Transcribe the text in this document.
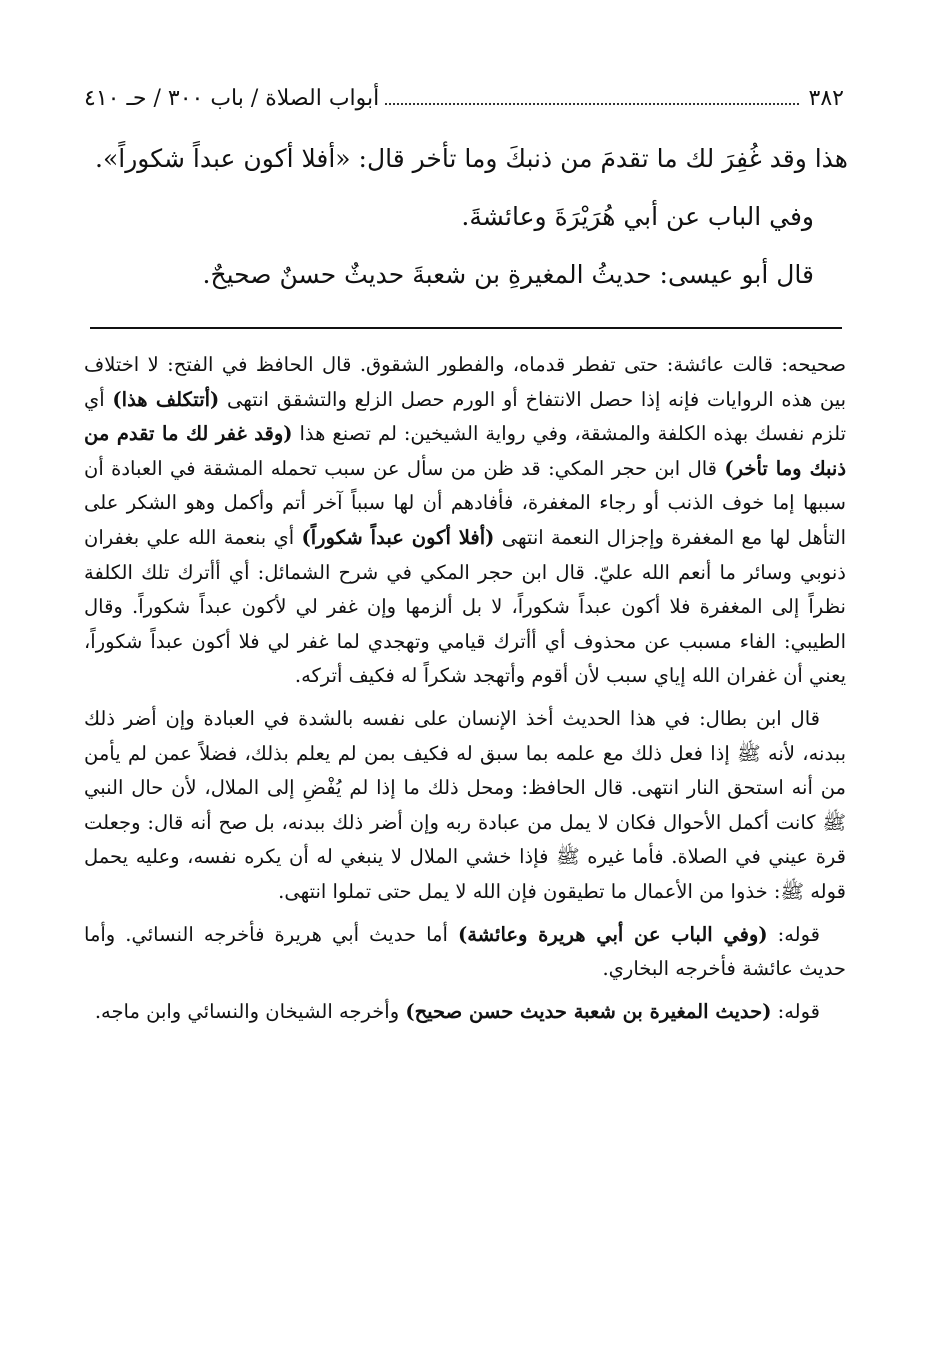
٣٨٢
أبواب الصلاة / باب ٣٠٠ / حـ ٤١٠

هذا وقد غُفِرَ لك ما تقدمَ من ذنبكَ وما تأخر قال: «أفلا أكون عبداً شكوراً».

وفي الباب عن أبي هُرَيْرَةَ وعائشةَ.

قال أبو عيسى: حديثُ المغيرةِ بن شعبةَ حديثٌ حسنٌ صحيحٌ.

صحيحه: قالت عائشة: حتى تفطر قدماه، والفطور الشقوق. قال الحافظ في الفتح: لا اختلاف بين هذه الروايات فإنه إذا حصل الانتفاخ أو الورم حصل الزلع والتشقق انتهى (أتتكلف هذا) أي تلزم نفسك بهذه الكلفة والمشقة، وفي رواية الشيخين: لم تصنع هذا (وقد غفر لك ما تقدم من ذنبك وما تأخر) قال ابن حجر المكي: قد ظن من سأل عن سبب تحمله المشقة في العبادة أن سببها إما خوف الذنب أو رجاء المغفرة، فأفادهم أن لها سبباً آخر أتم وأكمل وهو الشكر على التأهل لها مع المغفرة وإجزال النعمة انتهى (أفلا أكون عبداً شكوراً) أي بنعمة الله علي بغفران ذنوبي وسائر ما أنعم الله عليّ. قال ابن حجر المكي في شرح الشمائل: أي أأترك تلك الكلفة نظراً إلى المغفرة فلا أكون عبداً شكوراً، لا بل ألزمها وإن غفر لي لأكون عبداً شكوراً. وقال الطيبي: الفاء مسبب عن محذوف أي أأترك قيامي وتهجدي لما غفر لي فلا أكون عبداً شكوراً، يعني أن غفران الله إياي سبب لأن أقوم وأتهجد شكراً له فكيف أتركه.

قال ابن بطال: في هذا الحديث أخذ الإنسان على نفسه بالشدة في العبادة وإن أضر ذلك ببدنه، لأنه ﷺ إذا فعل ذلك مع علمه بما سبق له فكيف بمن لم يعلم بذلك، فضلاً عمن لم يأمن من أنه استحق النار انتهى. قال الحافظ: ومحل ذلك ما إذا لم يُفْضِ إلى الملال، لأن حال النبي ﷺ كانت أكمل الأحوال فكان لا يمل من عبادة ربه وإن أضر ذلك ببدنه، بل صح أنه قال: وجعلت قرة عيني في الصلاة. فأما غيره ﷺ فإذا خشي الملال لا ينبغي له أن يكره نفسه، وعليه يحمل قوله ﷺ: خذوا من الأعمال ما تطيقون فإن الله لا يمل حتى تملوا انتهى.

قوله: (وفي الباب عن أبي هريرة وعائشة) أما حديث أبي هريرة فأخرجه النسائي. وأما حديث عائشة فأخرجه البخاري.

قوله: (حديث المغيرة بن شعبة حديث حسن صحيح) وأخرجه الشيخان والنسائي وابن ماجه.
